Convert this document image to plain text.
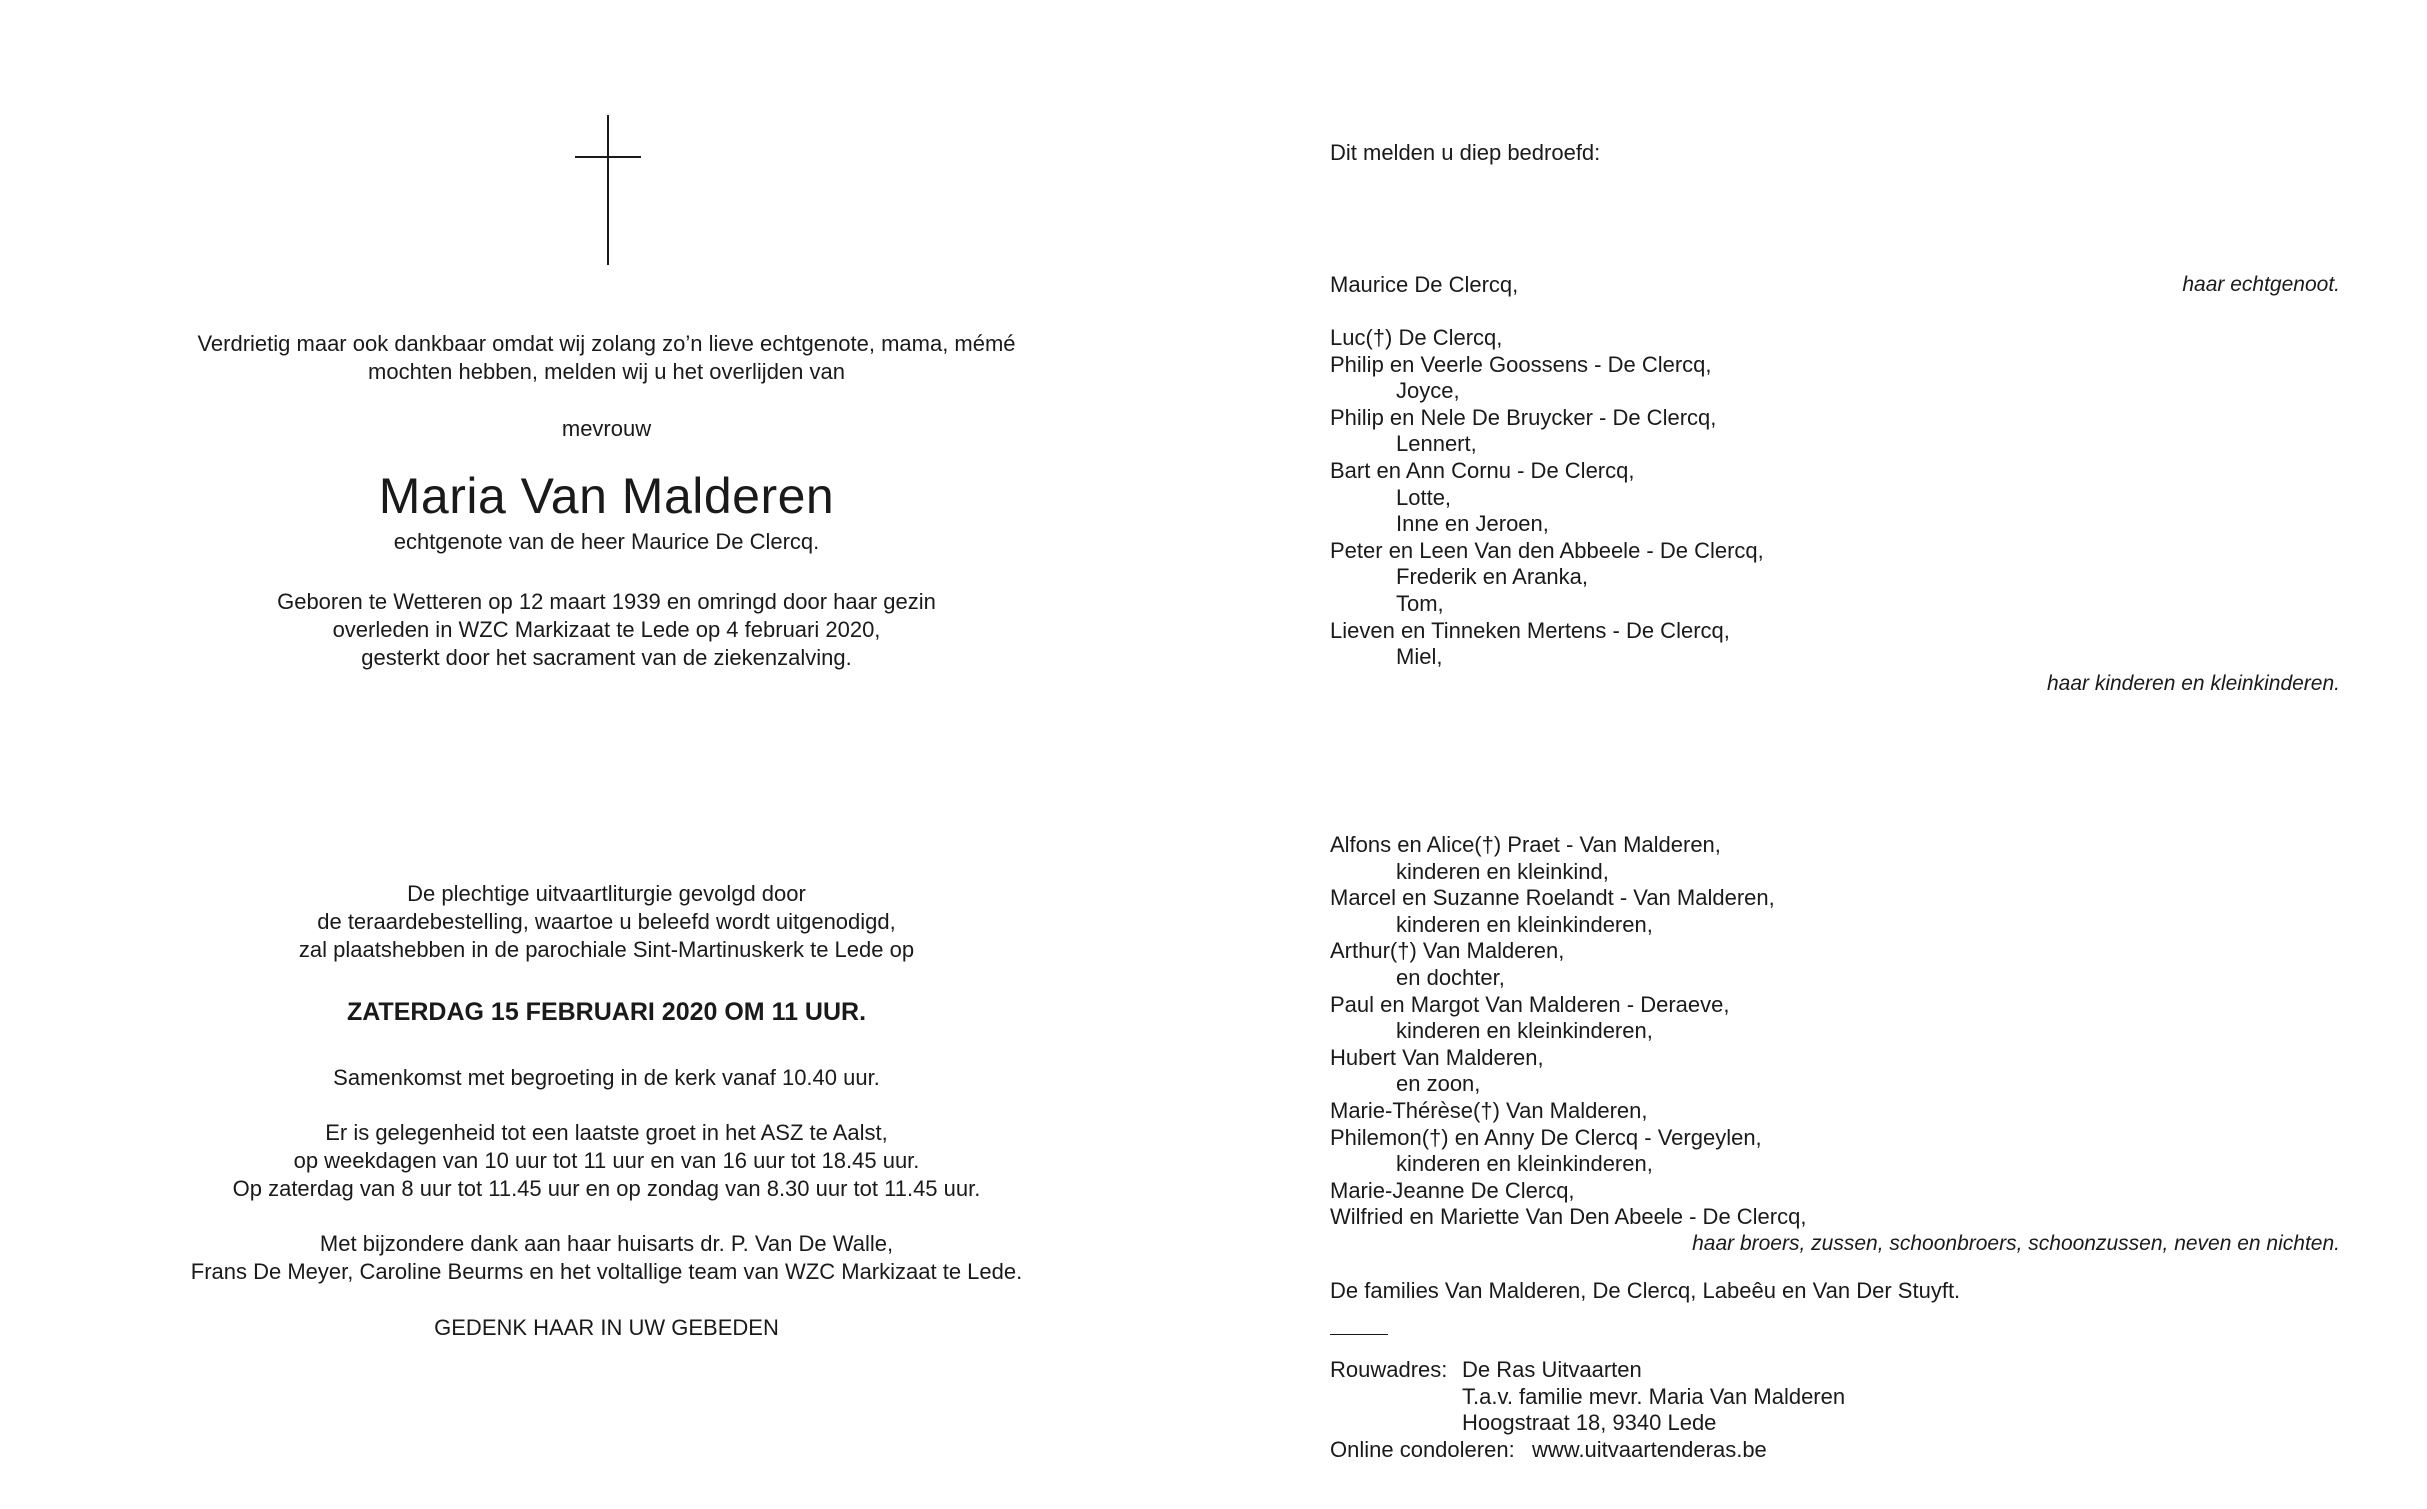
Verdrietig maar ook dankbaar omdat wij zolang zo’n lieve echtgenote, mama, mémé
mochten hebben, melden wij u het overlijden van
mevrouw
Maria Van Malderen
echtgenote van de heer Maurice De Clercq.
Geboren te Wetteren op 12 maart 1939 en omringd door haar gezin
overleden in WZC Markizaat te Lede op 4 februari 2020,
gesterkt door het sacrament van de ziekenzalving.
De plechtige uitvaartliturgie gevolgd door
de teraardebestelling, waartoe u beleefd wordt uitgenodigd,
zal plaatshebben in de parochiale Sint-Martinuskerk te Lede op
ZATERDAG 15 FEBRUARI 2020 OM 11 UUR.
Samenkomst met begroeting in de kerk vanaf 10.40 uur.
Er is gelegenheid tot een laatste groet in het ASZ te Aalst,
op weekdagen van 10 uur tot 11 uur en van 16 uur tot 18.45 uur.
Op zaterdag van 8 uur tot 11.45 uur en op zondag van 8.30 uur tot 11.45 uur.
Met bijzondere dank aan haar huisarts dr. P. Van De Walle,
Frans De Meyer, Caroline Beurms en het voltallige team van WZC Markizaat te Lede.
GEDENK HAAR IN UW GEBEDEN
Dit melden u diep bedroefd:
Maurice De Clercq,	haar echtgenoot.
Luc(†) De Clercq,
Philip en Veerle Goossens - De Clercq,
Joyce,
Philip en Nele De Bruycker - De Clercq,
Lennert,
Bart en Ann Cornu - De Clercq,
Lotte,
Inne en Jeroen,
Peter en Leen Van den Abbeele - De Clercq,
Frederik en Aranka,
Tom,
Lieven en Tinneken Mertens - De Clercq,
Miel,
haar kinderen en kleinkinderen.
Alfons en Alice(†) Praet - Van Malderen,
kinderen en kleinkind,
Marcel en Suzanne Roelandt - Van Malderen,
kinderen en kleinkinderen,
Arthur(†) Van Malderen,
en dochter,
Paul en Margot Van Malderen - Deraeve,
kinderen en kleinkinderen,
Hubert Van Malderen,
en zoon,
Marie-Thérèse(†) Van Malderen,
Philemon(†) en Anny De Clercq - Vergeylen,
kinderen en kleinkinderen,
Marie-Jeanne De Clercq,
Wilfried en Mariette Van Den Abeele - De Clercq,
haar broers, zussen, schoonbroers, schoonzussen, neven en nichten.
De families Van Malderen, De Clercq, Labeêu en Van Der Stuyft.
Rouwadres: De Ras Uitvaarten
T.a.v. familie mevr. Maria Van Malderen
Hoogstraat 18, 9340 Lede
Online condoleren: www.uitvaartenderas.be
